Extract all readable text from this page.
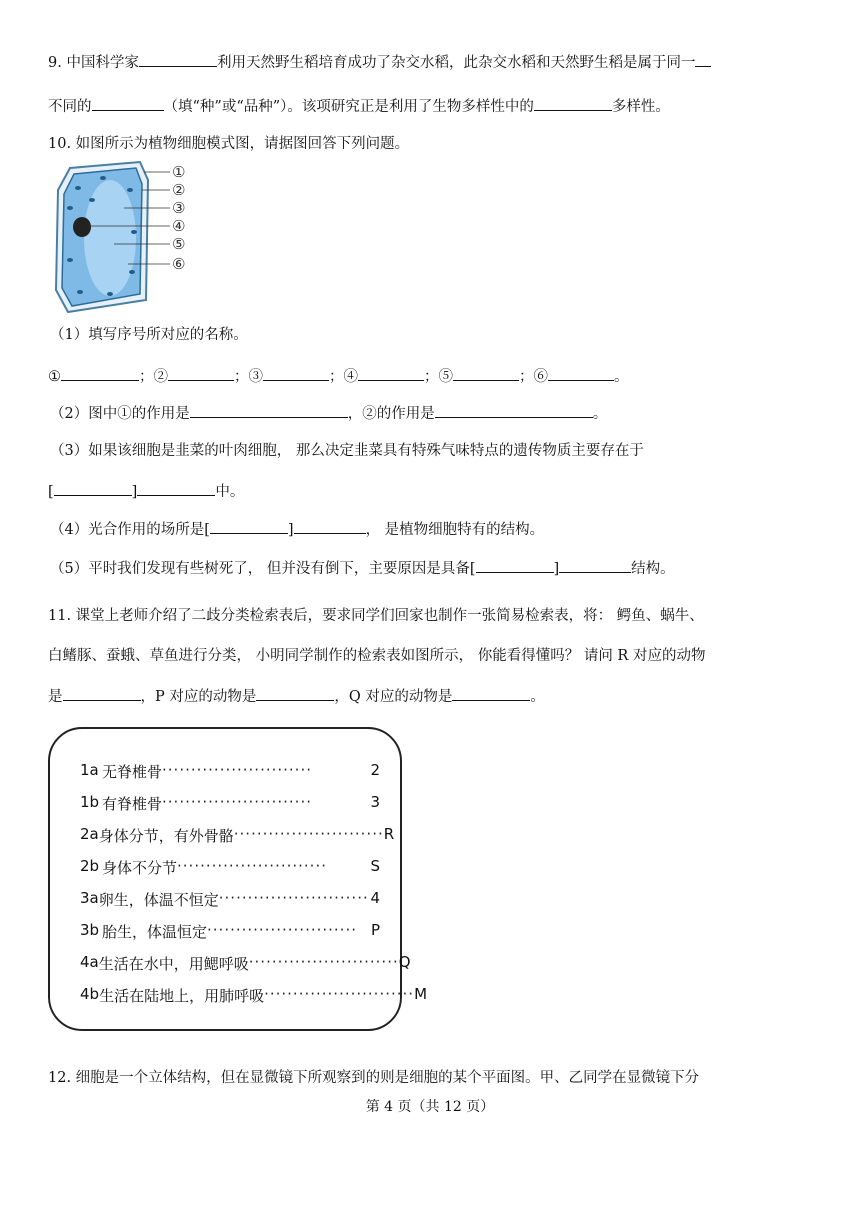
9. 中国科学家	利用天然野生稻培育成功了杂交水稻，此杂交水稻和天然野生稻是属于同一
不同的	（填“种”或“品种”）。该项研究正是利用了生物多样性中的	多样性。
10. 如图所示为植物细胞模式图，请据图回答下列问题。
①
②
③
④
⑤
⑥
（1）填写序号所对应的名称。
①	；②	；③	；④	；⑤	；⑥	。
（2）图中①的作用是	，②的作用是	。
（3）如果该细胞是韭菜的叶肉细胞， 那么决定韭菜具有特殊气味特点的遗传物质主要存在于
[	]	中。
（4）光合作用的场所是[	]	， 是植物细胞特有的结构。
（5）平时我们发现有些树死了， 但并没有倒下，主要原因是具备[	]	结构。
11. 课堂上老师介绍了二歧分类检索表后，要求同学们回家也制作一张简易检索表，将： 鳄鱼、蜗牛、
白鳍豚、蚕蛾、草鱼进行分类， 小明同学制作的检索表如图所示， 你能看得懂吗？ 请问 R 对应的动物
是	，P 对应的动物是	，Q 对应的动物是	。
1a 无脊椎骨 ··························	2
1b 有脊椎骨 ··························	3
2a 身体分节，有外骨骼 ·························· R
2b 身体不分节 ··························	S
3a 卵生，体温不恒定 ·························· 4
3b 胎生，体温恒定 ·························· P
4a 生活在水中，用鳃呼吸 ·························· Q
4b 生活在陆地上，用肺呼吸 ·························· M
12. 细胞是一个立体结构，但在显微镜下所观察到的则是细胞的某个平面图。甲、乙同学在显微镜下分
第 4 页（共 12 页）
